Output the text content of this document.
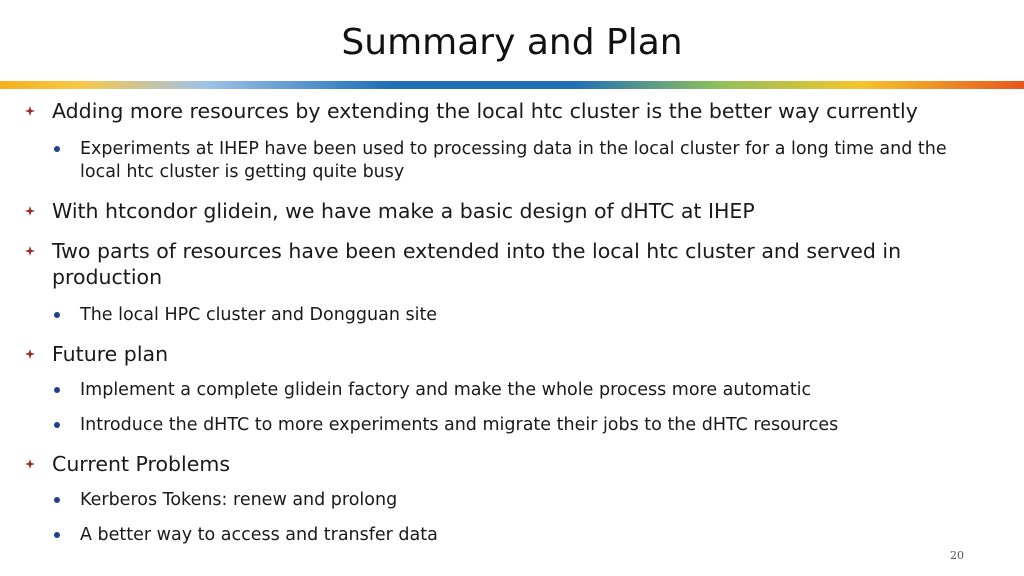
Summary and Plan
Adding more resources by extending the local htc cluster is the better way currently
Experiments at IHEP have been used to processing data in the local cluster for a long time and the local htc cluster is getting quite busy
With htcondor glidein, we have make a basic design of dHTC at IHEP
Two parts of resources have been extended into the local htc cluster and served in production
The local HPC cluster and Dongguan site
Future plan
Implement a complete glidein factory and make the whole process more automatic
Introduce the dHTC to more experiments and migrate their jobs to the dHTC resources
Current Problems
Kerberos Tokens: renew and prolong
A better way to access and transfer data
20
